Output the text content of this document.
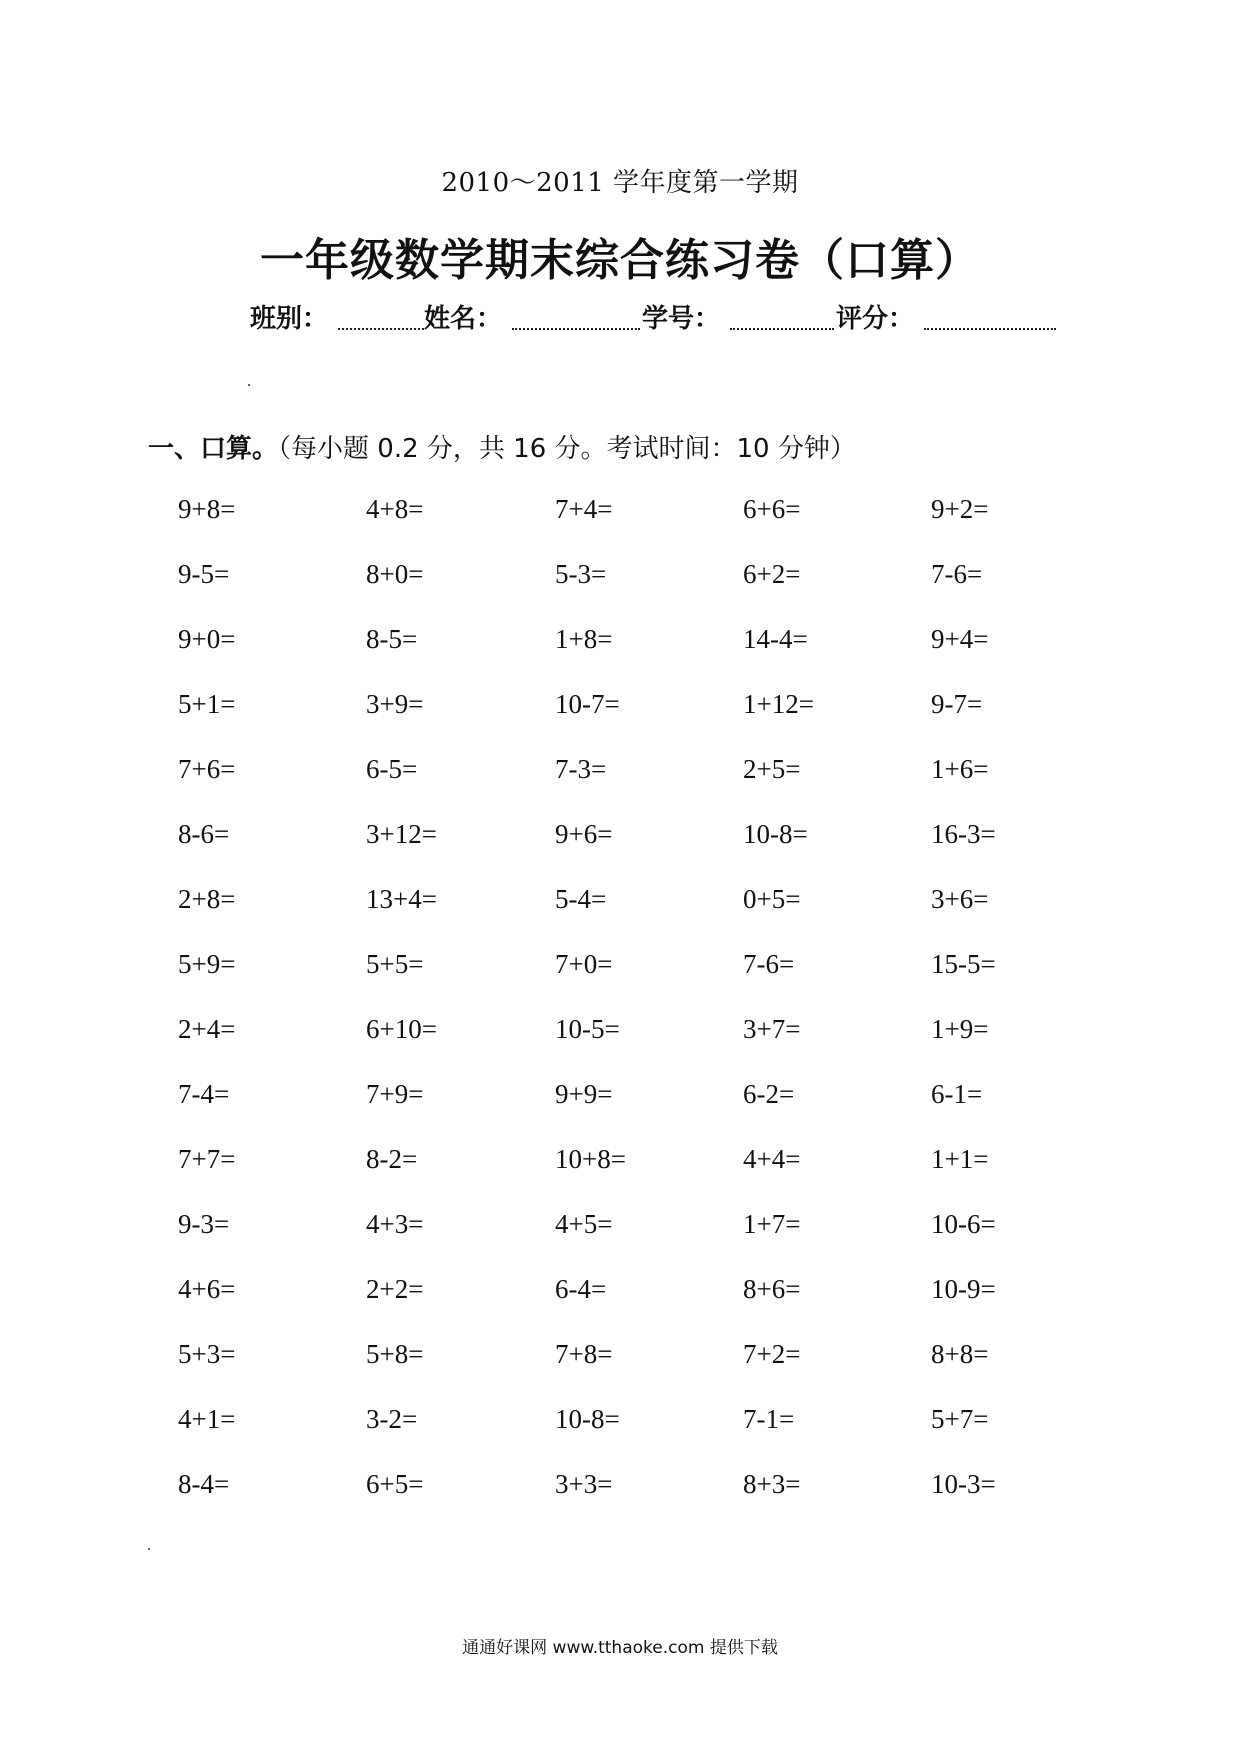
2010～2011 学年度第一学期
一年级数学期末综合练习卷（口算）
班别：	姓名：	学号：	评分：
一、口算。（每小题 0.2 分，共 16 分。考试时间：10 分钟）
9+8=	4+8=	7+4=	6+6=	9+2=
9-5=	8+0=	5-3=	6+2=	7-6=
9+0=	8-5=	1+8=	14-4=	9+4=
5+1=	3+9=	10-7=	1+12=	9-7=
7+6=	6-5=	7-3=	2+5=	1+6=
8-6=	3+12=	9+6=	10-8=	16-3=
2+8=	13+4=	5-4=	0+5=	3+6=
5+9=	5+5=	7+0=	7-6=	15-5=
2+4=	6+10=	10-5=	3+7=	1+9=
7-4=	7+9=	9+9=	6-2=	6-1=
7+7=	8-2=	10+8=	4+4=	1+1=
9-3=	4+3=	4+5=	1+7=	10-6=
4+6=	2+2=	6-4=	8+6=	10-9=
5+3=	5+8=	7+8=	7+2=	8+8=
4+1=	3-2=	10-8=	7-1=	5+7=
8-4=	6+5=	3+3=	8+3=	10-3=
通通好课网 www.tthaoke.com 提供下载
